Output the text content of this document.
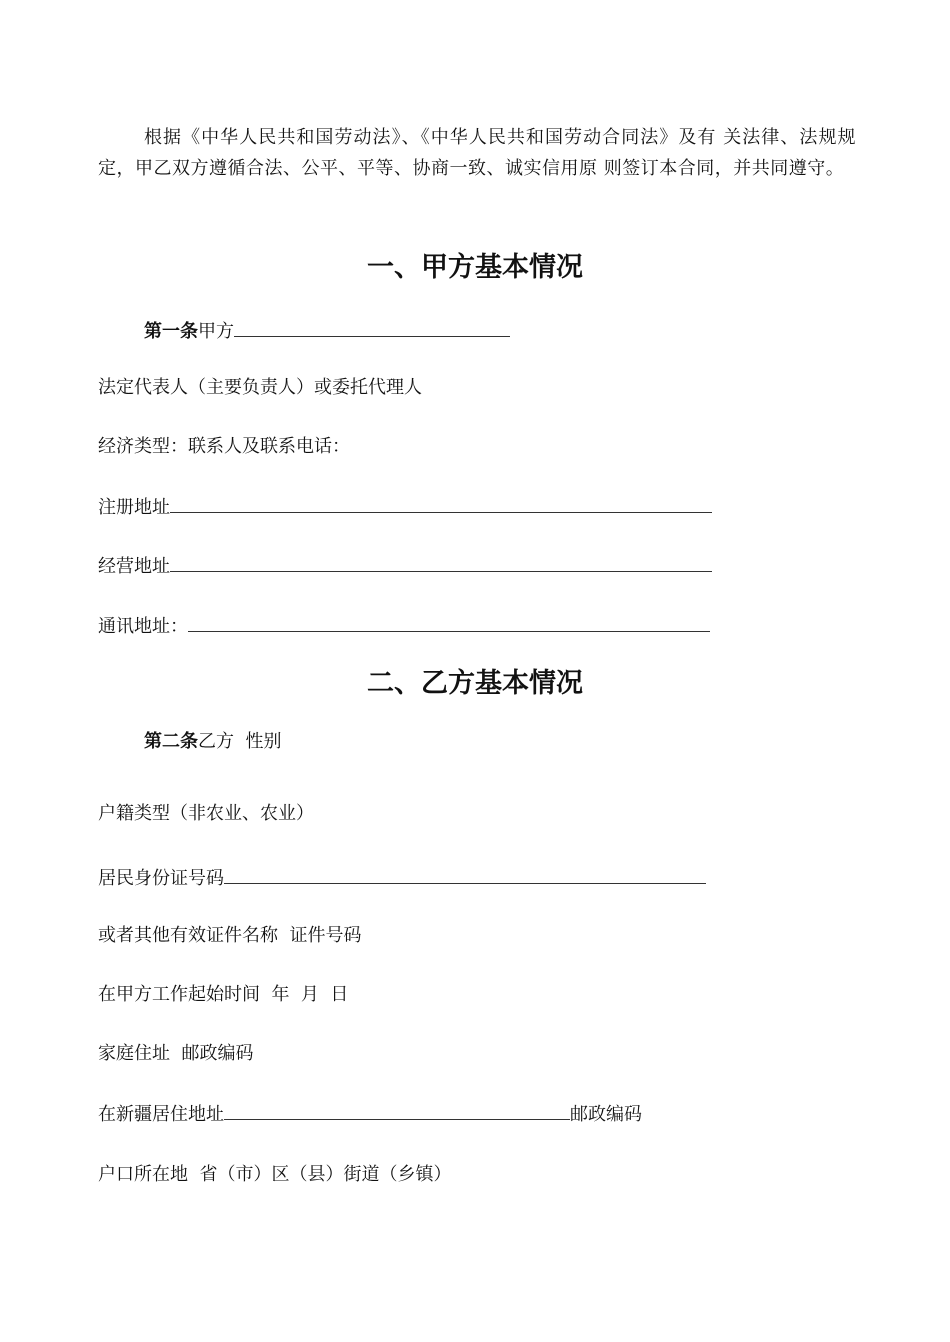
根据《中华人民共和国劳动法》、《中华人民共和国劳动合同法》及有 关法律、法规规定，甲乙双方遵循合法、公平、平等、协商一致、诚实信用原 则签订本合同，并共同遵守。

一、甲方基本情况

第一条甲方

法定代表人（主要负责人）或委托代理人

经济类型：联系人及联系电话：

注册地址

经营地址

通讯地址：

二、乙方基本情况

第二条乙方  性别

户籍类型（非农业、农业）

居民身份证号码

或者其他有效证件名称  证件号码

在甲方工作起始时间  年  月  日

家庭住址  邮政编码

在新疆居住地址	邮政编码

户口所在地  省（市）区（县）街道（乡镇）
